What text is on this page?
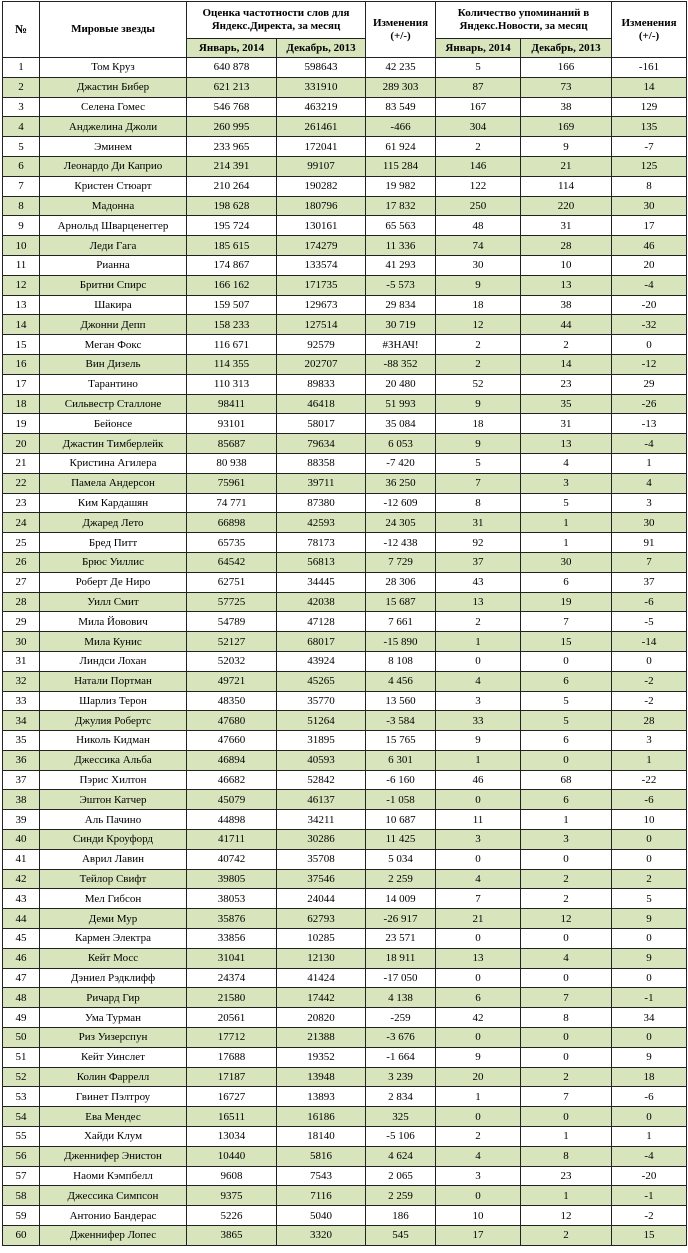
№	Мировые звезды	Оценка частотности слов для Яндекс.Директа, за месяц		Изменения (+/-)	Количество упоминаний в Яндекс.Новости, за месяц		Изменения (+/-)
		Январь, 2014	Декабрь, 2013		Январь, 2014	Декабрь, 2013	
1	Том Круз	640 878	598643	42 235	5	166	-161
2	Джастин Бибер	621 213	331910	289 303	87	73	14
3	Селена Гомес	546 768	463219	83 549	167	38	129
4	Анджелина Джоли	260 995	261461	-466	304	169	135
5	Эминем	233 965	172041	61 924	2	9	-7
6	Леонардо Ди Каприо	214 391	99107	115 284	146	21	125
7	Кристен Стюарт	210 264	190282	19 982	122	114	8
8	Мадонна	198 628	180796	17 832	250	220	30
9	Арнольд Шварценеггер	195 724	130161	65 563	48	31	17
10	Леди Гага	185 615	174279	11 336	74	28	46
11	Рианна	174 867	133574	41 293	30	10	20
12	Бритни Спирс	166 162	171735	-5 573	9	13	-4
13	Шакира	159 507	129673	29 834	18	38	-20
14	Джонни Депп	158 233	127514	30 719	12	44	-32
15	Меган Фокс	116 671	92579	#ЗНАЧ!	2	2	0
16	Вин Дизель	114 355	202707	-88 352	2	14	-12
17	Тарантино	110 313	89833	20 480	52	23	29
18	Сильвестр Сталлоне	98411	46418	51 993	9	35	-26
19	Бейонсе	93101	58017	35 084	18	31	-13
20	Джастин Тимберлейк	85687	79634	6 053	9	13	-4
21	Кристина Агилера	80 938	88358	-7 420	5	4	1
22	Памела Андерсон	75961	39711	36 250	7	3	4
23	Ким Кардашян	74 771	87380	-12 609	8	5	3
24	Джаред Лето	66898	42593	24 305	31	1	30
25	Бред Питт	65735	78173	-12 438	92	1	91
26	Брюс Уиллис	64542	56813	7 729	37	30	7
27	Роберт Де Ниро	62751	34445	28 306	43	6	37
28	Уилл Смит	57725	42038	15 687	13	19	-6
29	Мила Йовович	54789	47128	7 661	2	7	-5
30	Мила Кунис	52127	68017	-15 890	1	15	-14
31	Линдси Лохан	52032	43924	8 108	0	0	0
32	Натали Портман	49721	45265	4 456	4	6	-2
33	Шарлиз Терон	48350	35770	13 560	3	5	-2
34	Джулия Робертс	47680	51264	-3 584	33	5	28
35	Николь Кидман	47660	31895	15 765	9	6	3
36	Джессика Альба	46894	40593	6 301	1	0	1
37	Пэрис Хилтон	46682	52842	-6 160	46	68	-22
38	Эштон Катчер	45079	46137	-1 058	0	6	-6
39	Аль Пачино	44898	34211	10 687	11	1	10
40	Синди Кроуфорд	41711	30286	11 425	3	3	0
41	Аврил Лавин	40742	35708	5 034	0	0	0
42	Тейлор Свифт	39805	37546	2 259	4	2	2
43	Мел Гибсон	38053	24044	14 009	7	2	5
44	Деми Мур	35876	62793	-26 917	21	12	9
45	Кармен Электра	33856	10285	23 571	0	0	0
46	Кейт Мосс	31041	12130	18 911	13	4	9
47	Дэниел Рэдклифф	24374	41424	-17 050	0	0	0
48	Ричард Гир	21580	17442	4 138	6	7	-1
49	Ума Турман	20561	20820	-259	42	8	34
50	Риз Уизерспун	17712	21388	-3 676	0	0	0
51	Кейт Уинслет	17688	19352	-1 664	9	0	9
52	Колин Фаррелл	17187	13948	3 239	20	2	18
53	Гвинет Пэлтроу	16727	13893	2 834	1	7	-6
54	Ева Мендес	16511	16186	325	0	0	0
55	Хайди Клум	13034	18140	-5 106	2	1	1
56	Дженнифер Энистон	10440	5816	4 624	4	8	-4
57	Наоми Кэмпбелл	9608	7543	2 065	3	23	-20
58	Джессика Симпсон	9375	7116	2 259	0	1	-1
59	Антонио Бандерас	5226	5040	186	10	12	-2
60	Дженнифер Лопес	3865	3320	545	17	2	15
